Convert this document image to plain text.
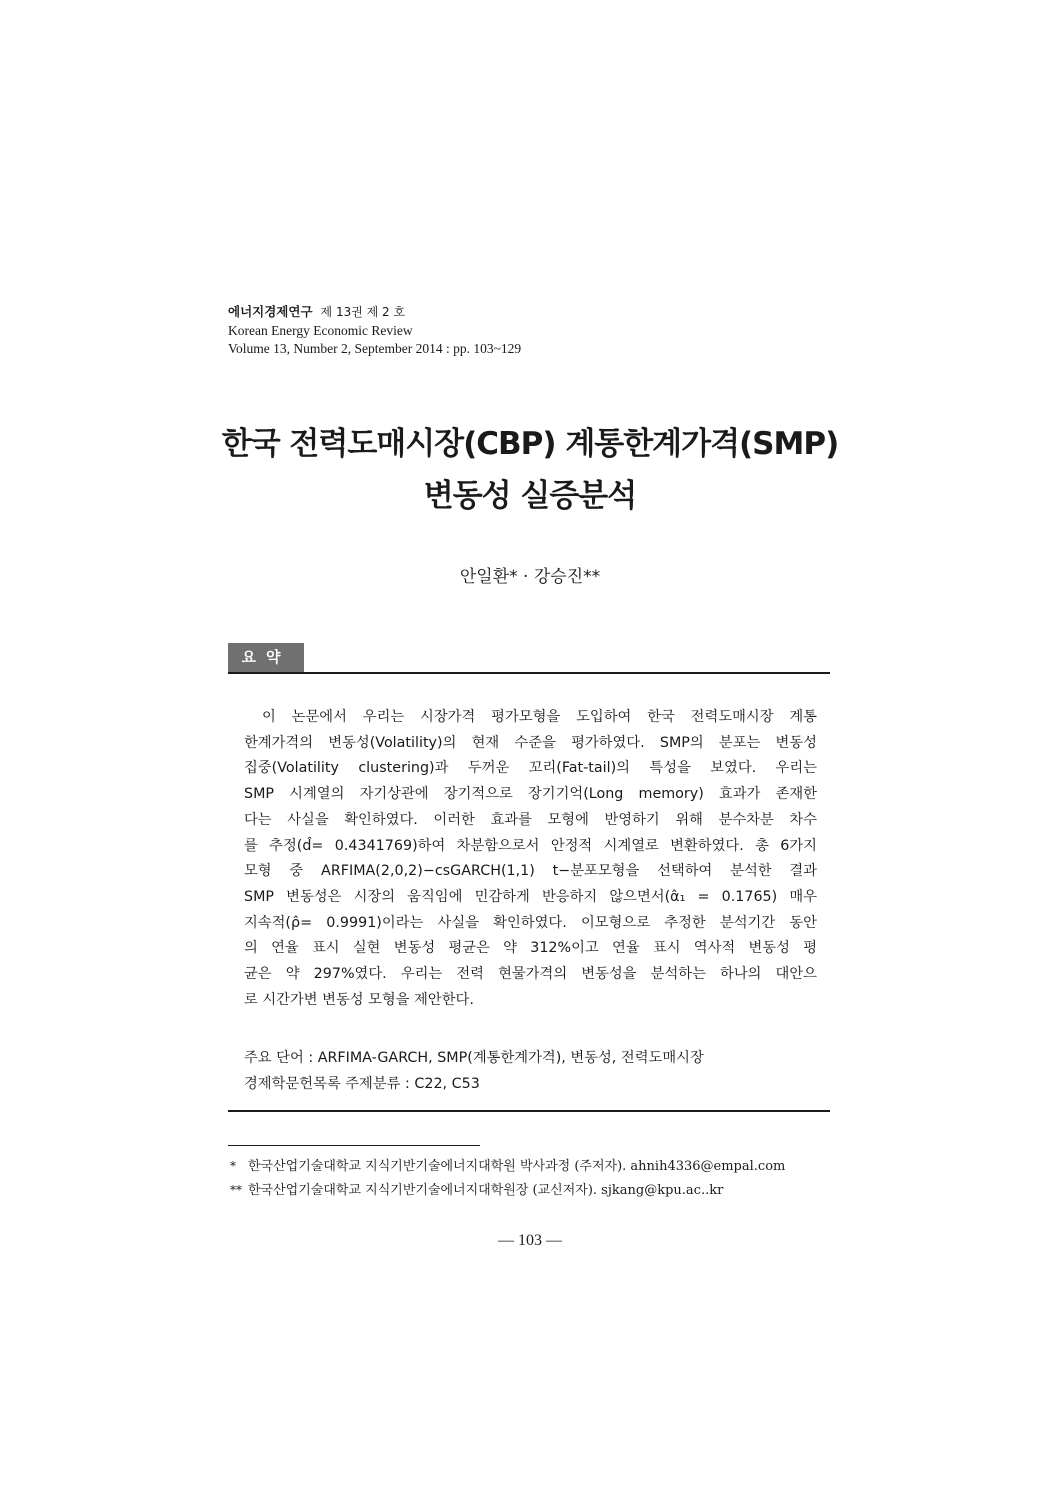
에너지경제연구 제 13권 제 2 호
Korean Energy Economic Review
Volume 13, Number 2, September 2014 : pp. 103~129
한국 전력도매시장(CBP) 계통한계가격(SMP)
변동성 실증분석
안일환* · 강승진**
요약
이 논문에서 우리는 시장가격 평가모형을 도입하여 한국 전력도매시장 계통
한계가격의 변동성(Volatility)의 현재 수준을 평가하였다. SMP의 분포는 변동성
집중(Volatility clustering)과 두꺼운 꼬리(Fat-tail)의 특성을 보였다. 우리는
SMP 시계열의 자기상관에 장기적으로 장기기억(Long memory) 효과가 존재한
다는 사실을 확인하였다. 이러한 효과를 모형에 반영하기 위해 분수차분 차수
를 추정(d̂= 0.4341769)하여 차분함으로서 안정적 시계열로 변환하였다. 총 6가지
모형 중 ARFIMA(2,0,2)−csGARCH(1,1) t−분포모형을 선택하여 분석한 결과
SMP 변동성은 시장의 움직임에 민감하게 반응하지 않으면서(α̂₁ = 0.1765) 매우
지속적(ρ̂= 0.9991)이라는 사실을 확인하였다. 이모형으로 추정한 분석기간 동안
의 연율 표시 실현 변동성 평균은 약 312%이고 연율 표시 역사적 변동성 평
균은 약 297%였다. 우리는 전력 현물가격의 변동성을 분석하는 하나의 대안으
로 시간가변 변동성 모형을 제안한다.
주요 단어 : ARFIMA-GARCH, SMP(계통한계가격), 변동성, 전력도매시장
경제학문헌목록 주제분류 : C22, C53
* 한국산업기술대학교 지식기반기술에너지대학원 박사과정 (주저자). ahnih4336@empal.com
** 한국산업기술대학교 지식기반기술에너지대학원장 (교신저자). sjkang@kpu.ac..kr
— 103 —
